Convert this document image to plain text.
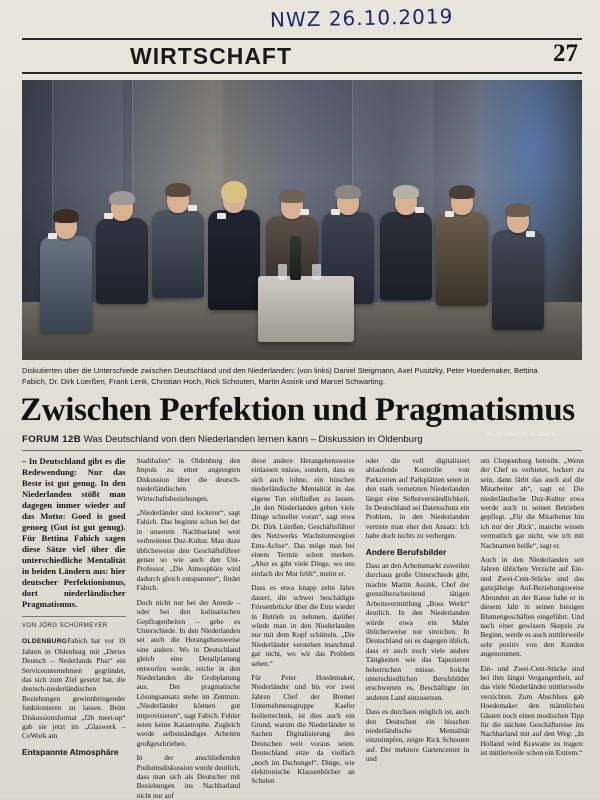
NWZ 26.10.2019
WIRTSCHAFT	27
BILD: MARTIN REMMERS
Diskutierten über die Unterschiede zwischen Deutschland und den Niederlanden: (von links) Daniel Steigmann, Axel Pusitzky, Peter Hoedemaker, Bettina Fabich, Dr. Dirk Lüerßen, Frank Lenk, Christian Hoch, Rick Schouten, Martin Assink und Marcel Schwarting.
Zwischen Perfektion und Pragmatismus
FORUM 12B Was Deutschland von den Niederlanden lernen kann – Diskussion in Oldenburg

– In Deutschland gibt es die Redewendung: Nur das Beste ist gut genug. In den Niederlanden stößt man dagegen immer wieder auf das Motto: Goed is goed genoeg (Gut ist gut genug). Für Bettina Fabich sagen diese Sätze viel über die unterschiedliche Mentalität in beiden Ländern aus: hier deutscher Perfektionismus, dort niederländischer Pragmatismus.

VON JÖRG SCHÜRMEYER

OLDENBURGFabich hat vor 19 Jahren in Oldenburg mit „Deries Deutsch – Nederlands Plus“ ein Serviceunternehmen gegründet, das sich zum Ziel gesetzt hat, die deutsch-niederländischen Beziehungen gewinnbringender funktionieren zu lassen. Beim Diskussionsformat „f2b meet-up“ gab sie jetzt im „Glaswerk – CoWork am

Entspannte Atmosphäre

Stadthafen“ in Oldenburg den Impuls zu einer angeregten Diskussion über die deutsch-niederländischen Wirtschaftsbeziehungen.

„Niederländer sind lockerer“, sagt Fabich. Das beginne schon bei der in unserem Nachbarland weit verbreiteten Duz-Kultur. Man duze üblicheweise den Geschäftsführer genau so wie auch den Uni-Professor. „Die Atmosphäre wird dadurch gleich entspannter“, findet Fabich.

Doch nicht nur bei der Anrede – oder bei den kulinarischen Gepflogenheiten – gebe es Unterschiede. In den Niederlanden sei auch die Herangehensweise eine andere. Wo in Deutschland gleich eine Detailplanung entworfen werde, reiche in den Niederlanden die Grobplanung aus. Der pragmatische Lösungsansatz stehe im Zentrum. „Niederländer können gut improvisieren“, sagt Fabich. Fehler seien keine Katastrophe. Zugleich werde selbstständiges Arbeiten großgeschrieben.

In der anschließenden Podiumsdiskussion wurde deutlich, dass man sich als Deutscher mit Beziehungen ins Nachbarland nicht nur auf

diese andere Herangehensweise einlassen müsse, sondern, dass es sich auch lohne, ein bisschen niederländische Mentalität in das eigene Tun einfließen zu lassen. „In den Niederlanden gehen viele Dinge schneller voran“, sagt etwa Dr. Dirk Lüerßen, Geschäftsführer des Netzwerks Wachstumsregion Ems-Achse“. Das möge man bei einem Termin schon merken. „Aber es gibt viele Dinge, wo uns einfach der Mut fehlt“, meint er.

Dass es etwa knapp zehn Jahre dauert, die schwer beschädigte Friesenbrücke über die Ems wieder in Betrieb zu nehmen, darüber würde man in den Niederlanden nur mit dem Kopf schütteln. „Die Niederländer verstehen manchmal gar nicht, wo wir das Problem sehen.“

Für Peter Hoedemaker, Niederländer und bis vor zwei Jahren Chef der Bremer Unternehmensgruppe Kaefer Isoliertechnik, ist dies auch ein Grund, warum die Niederländer in Sachen Digitalisierung den Deutschen weit voraus seien. Deutschland sitze da vielfach „noch im Dschungel“. Dinge, wie elektronische Klassenbücher an Schulen

oder die voll digitalisiert ablaufende Kontrolle von Parkzeiten auf Parkplätzen seien in den stark vernetzten Niederlanden längst eine Selbstverständlichkeit. In Deutschland sei Datenschutz ein Problem, in den Niederlanden vertrete man eher den Ansatz: Ich habe doch nichts zu verbergen.

Andere Berufsbilder

Dass an den Arbeitsmarkt zuweilen durchaus große Unterschiede gibt, machte Martin Assink, Chef der grenzüberschreitend tätigen Arbeitsvermittlung „Boss Werkt“ deutlich. In den Niederlanden würde etwa ein Maler üblicherweise nur streichen. In Deutschland sei es dagegen üblich, dass er auch noch viele andere Tätigkeiten wie das Tapezieren beherrschen müsse. Solche unterschiedlichen Berufsbilder erschwerten es, Beschäftigte im anderen Land einzusetzen.

Dass es durchaus möglich ist, auch den Deutschen ein bisschen niederländische Mentalität einzuimpfen, zeigte Rick Schouten auf. Der mehrere Gartencenter in und

um Cloppenburg betreibt. „Wenn der Chef es verbietet, lockert zu sein, dann färbt das auch auf die Mitarbeiter ab“, sagt er. Die niederländische Duz-Kultur etwa werde auch in seinen Betrieben gepflegt. „Für die Mitarbeiter bin ich nur der ,Rick‘, manche wissen vermutlich gar nicht, wie ich mit Nachnamen heiße“, sagt er.

Auch in den Niederlanden seit Jahren üblichen Verzicht auf Ein- und Zwei-Cent-Stücke und das ganzjährige Auf-Beziehungsweise Abrunden an der Kasse habe er in diesem Jahr in seinen hiesigen Blumengeschäften eingeführt. Und nach einer gewissen Skepsis zu Beginn, werde es auch mittlerweile sehr positiv von den Kunden angenommen.

Ein- und Zwei-Cent-Stücke sind bei ihm längst Vergangenheit, auf das viele Niederländer mittlerweile verzichten. Zum Abschluss gab Hoedemaker den männlichen Gästen noch einen modischen Tipp für die nächste Geschäftsreise ins Nachbarland mit auf den Weg: „In Holland wird Krawatte zu tragen: ist mittlerweile schon ein Extrem.“
